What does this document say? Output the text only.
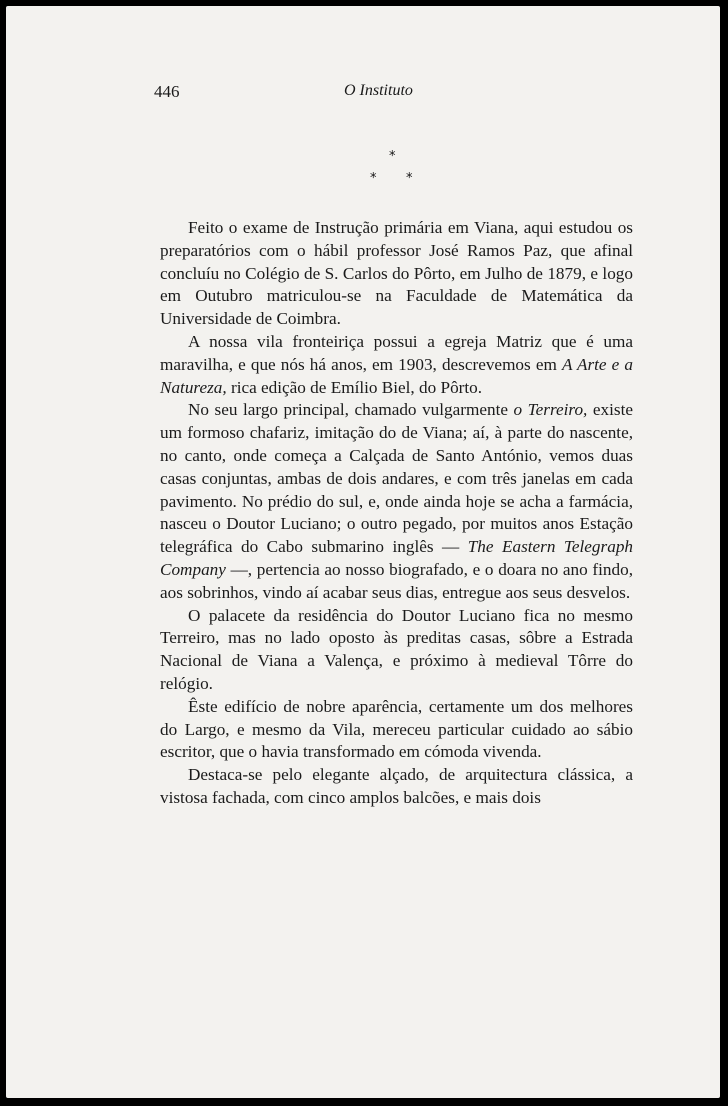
446	O Instituto
*
* *

Feito o exame de Instrução primária em Viana, aqui estudou os preparatórios com o hábil professor José Ramos Paz, que afinal concluíu no Colégio de S. Carlos do Pôrto, em Julho de 1879, e logo em Outubro matriculou-se na Faculdade de Matemática da Universidade de Coimbra.

A nossa vila fronteiriça possui a egreja Matriz que é uma maravilha, e que nós há anos, em 1903, descrevemos em A Arte e a Natureza, rica edição de Emílio Biel, do Pôrto.

No seu largo principal, chamado vulgarmente o Terreiro, existe um formoso chafariz, imitação do de Viana; aí, à parte do nascente, no canto, onde começa a Calçada de Santo António, vemos duas casas conjuntas, ambas de dois andares, e com três janelas em cada pavimento. No prédio do sul, e, onde ainda hoje se acha a farmácia, nasceu o Doutor Luciano; o outro pegado, por muitos anos Estação telegráfica do Cabo submarino inglês — The Eastern Telegraph Company —, pertencia ao nosso biografado, e o doara no ano findo, aos sobrinhos, vindo aí acabar seus dias, entregue aos seus desvelos.

O palacete da residência do Doutor Luciano fica no mesmo Terreiro, mas no lado oposto às preditas casas, sôbre a Estrada Nacional de Viana a Valença, e próximo à medieval Tôrre do relógio.

Êste edifício de nobre aparência, certamente um dos melhores do Largo, e mesmo da Vila, mereceu particular cuidado ao sábio escritor, que o havia transformado em cómoda vivenda.

Destaca-se pelo elegante alçado, de arquitectura clássica, a vistosa fachada, com cinco amplos balcões, e mais dois
